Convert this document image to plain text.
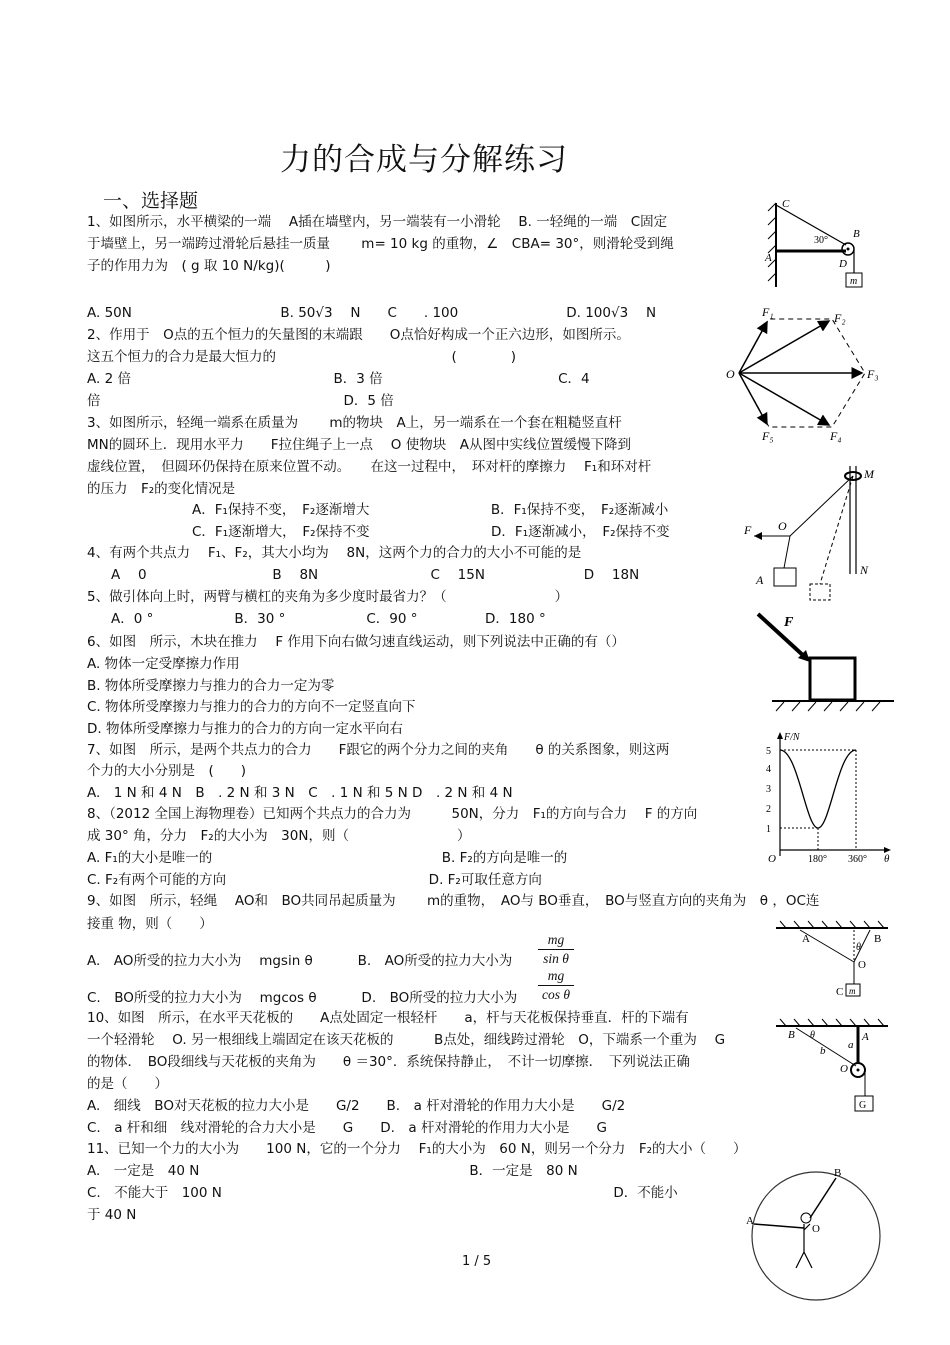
力的合成与分解练习
一、选择题
1、如图所示，水平横梁的一端　 A插在墙壁内，另一端装有一小滑轮　 B. 一轻绳的一端　C固定
于墙壁上，另一端跨过滑轮后悬挂一质量　　 m= 10 kg 的重物，∠　CBA= 30°，则滑轮受到绳
子的作用力为　( g 取 10 N/kg)(　　　)
A. 50N　　　　　　　　　　　B. 50√3　 N　　C　　. 100　　　　　　　　D. 100√3　 N
2、作用于　O点的五个恒力的矢量图的末端跟　　O点恰好构成一个正六边形，如图所示。
这五个恒力的合力是最大恒力的　　　　　　　　　　　　　(　　　　)
A. 2 倍　　　　　　　　　　　　　　　B．3 倍　　　　　　　　　　　　　C．4
倍　　　　　　　　　　　　　　　　　　D．5 倍
3、如图所示，轻绳一端系在质量为　　 m的物块　A上，另一端系在一个套在粗糙竖直杆
MN的圆环上．现用水平力　　F拉住绳子上一点　 O 使物块　A从图中实线位置缓慢下降到
虚线位置，　但圆环仍保持在原来位置不动。　　在这一过程中，　环对杆的摩擦力　 F₁和环对杆
的压力　F₂的变化情况是
A．F₁保持不变，　F₂逐渐增大　　　　　　　　　B．F₁保持不变，　F₂逐渐减小
C．F₁逐渐增大，　F₂保持不变　　　　　　　　　D．F₁逐渐减小，　F₂保持不变
4、有两个共点力　 F₁、F₂，其大小均为　 8N，这两个力的合力的大小不可能的是
A　 0　　　　　　　　　 B　 8N　　　　　　　　 C　 15N　　　　　　　 D　 18N
5、做引体向上时，两臂与横杠的夹角为多少度时最省力？（　　　　　　　　）
A．0 °　　　　　　B．30 °　　　　　　C．90 °　　　　　D．180 °
6、如图　所示，木块在推力　 F 作用下向右做匀速直线运动，则下列说法中正确的有（）
A. 物体一定受摩擦力作用
B. 物体所受摩擦力与推力的合力一定为零
C. 物体所受摩擦力与推力的合力的方向不一定竖直向下
D. 物体所受摩擦力与推力的合力的方向一定水平向右
7、如图　所示，是两个共点力的合力　　F跟它的两个分力之间的夹角　　θ 的关系图象，则这两
个力的大小分别是　(　　)
A.　1 N 和 4 N　B　. 2 N 和 3 N　C　. 1 N 和 5 N D　. 2 N 和 4 N
8、（2012 全国上海物理卷）已知两个共点力的合力为　　　50N，分力　F₁的方向与合力　 F 的方向
成 30° 角，分力　F₂的大小为　30N，则（　　　　　　　　）
A. F₁的大小是唯一的　　　　　　　　　　　　　　　　　B. F₂的方向是唯一的
C. F₂有两个可能的方向　　　　　　　　　　　　　　　D. F₂可取任意方向
9、如图　所示，轻绳　 AO和　BO共同吊起质量为　　 m的重物，　AO与 BO垂直，　BO与竖直方向的夹角为　θ ，OC连
接重 物，则（　　）
A.　AO所受的拉力大小为　 mgsin θ　　　 B.　AO所受的拉力大小为
C.　BO所受的拉力大小为　 mgcos θ　　　 D.　BO所受的拉力大小为
10、如图　所示，在水平天花板的　　A点处固定一根轻杆　　a，杆与天花板保持垂直．杆的下端有
一个轻滑轮　 O. 另一根细线上端固定在该天花板的　　　B点处，细线跨过滑轮　O，下端系一个重为　 G
的物体．　BO段细线与天花板的夹角为　　θ ＝30°．系统保持静止，　不计一切摩擦．　下列说法正确
的是（　　）
A.　细线　BO对天花板的拉力大小是　　G/2　　B.　a 杆对滑轮的作用力大小是　　G/2
C.　a 杆和细　线对滑轮的合力大小是　　G　　D.　a 杆对滑轮的作用力大小是　　G
11、已知一个力的大小为　　100 N，它的一个分力　 F₁的大小为　60 N，则另一个分力　F₂的大小（　　）
A.　一定是　40 N　　　　　　　　　　　　　　　　　　　　B．一定是　80 N
C.　不能大于　100 N　　　　　　　　　　　　　　　　　　　　　　　　　　　　　D．不能小
于 40 N
mg
sin θ
mg
cos θ
C
B
A	D
m
30°
O
F₁	F₂
F₃
F₄
F₅
M
N
O
F
A
F
F/N
θ
O
1
2
3
4
5
180° 360°
A	B
θ
O
C m
B θ
b a
A
O
G
A
B
O
1 / 5
